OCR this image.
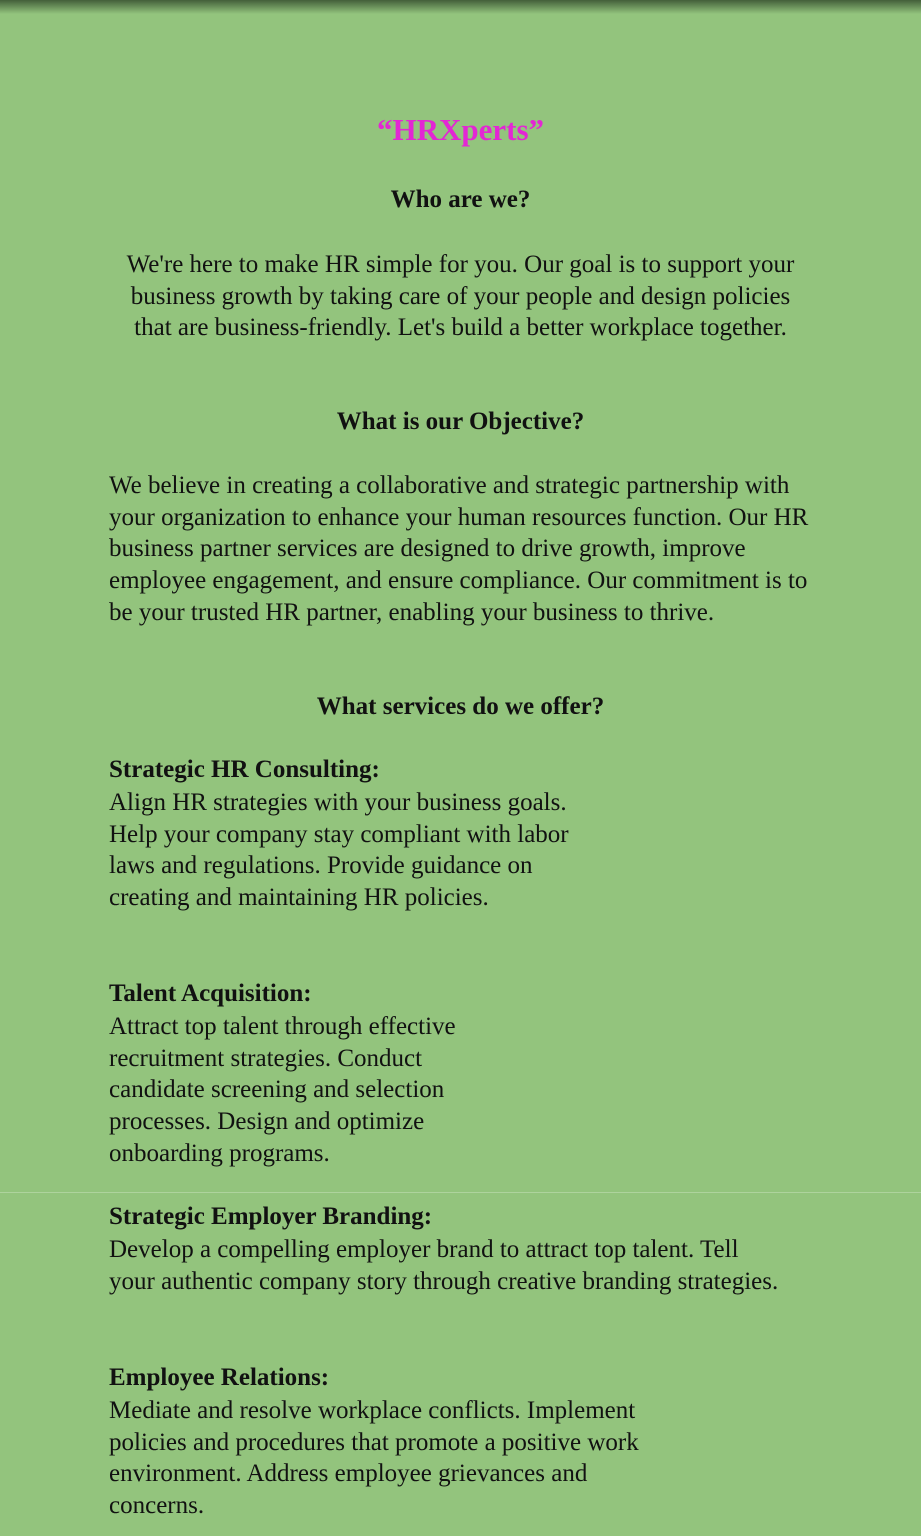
“HRXperts”
Who are we?

We're here to make HR simple for you. Our goal is to support your business growth by taking care of your people and design policies that are business-friendly. Let's build a better workplace together.

What is our Objective?

We believe in creating a collaborative and strategic partnership with your organization to enhance your human resources function. Our HR business partner services are designed to drive growth, improve employee engagement, and ensure compliance. Our commitment is to be your trusted HR partner, enabling your business to thrive.

What services do we offer?
Strategic HR Consulting:
Align HR strategies with your business goals. Help your company stay compliant with labor laws and regulations. Provide guidance on creating and maintaining HR policies.
Talent Acquisition:
Attract top talent through effective recruitment strategies. Conduct candidate screening and selection processes. Design and optimize onboarding programs.
Strategic Employer Branding:
Develop a compelling employer brand to attract top talent. Tell your authentic company story through creative branding strategies.
Employee Relations:
Mediate and resolve workplace conflicts. Implement policies and procedures that promote a positive work environment. Address employee grievances and concerns.
